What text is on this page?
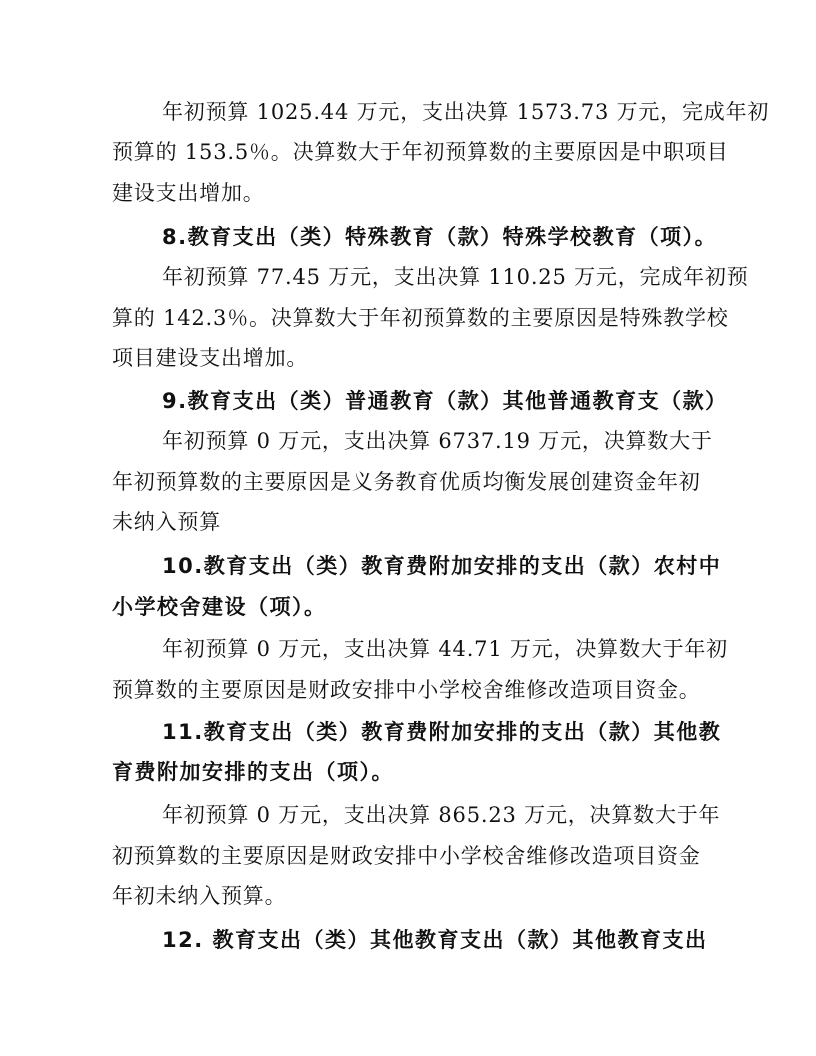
年初预算 1025.44 万元，支出决算 1573.73 万元，完成年初
预算的 153.5％。决算数大于年初预算数的主要原因是中职项目
建设支出增加。
8.教育支出（类）特殊教育（款）特殊学校教育（项）。
年初预算 77.45 万元，支出决算 110.25 万元，完成年初预
算的 142.3％。决算数大于年初预算数的主要原因是特殊教学校
项目建设支出增加。
9.教育支出（类）普通教育（款）其他普通教育支（款）
年初预算 0 万元，支出决算 6737.19 万元，决算数大于
年初预算数的主要原因是义务教育优质均衡发展创建资金年初
未纳入预算
10.教育支出（类）教育费附加安排的支出（款）农村中
小学校舍建设（项）。
年初预算 0 万元，支出决算 44.71 万元，决算数大于年初
预算数的主要原因是财政安排中小学校舍维修改造项目资金。
11.教育支出（类）教育费附加安排的支出（款）其他教
育费附加安排的支出（项）。
年初预算 0 万元，支出决算 865.23 万元，决算数大于年
初预算数的主要原因是财政安排中小学校舍维修改造项目资金
年初未纳入预算。
12. 教育支出（类）其他教育支出（款）其他教育支出
